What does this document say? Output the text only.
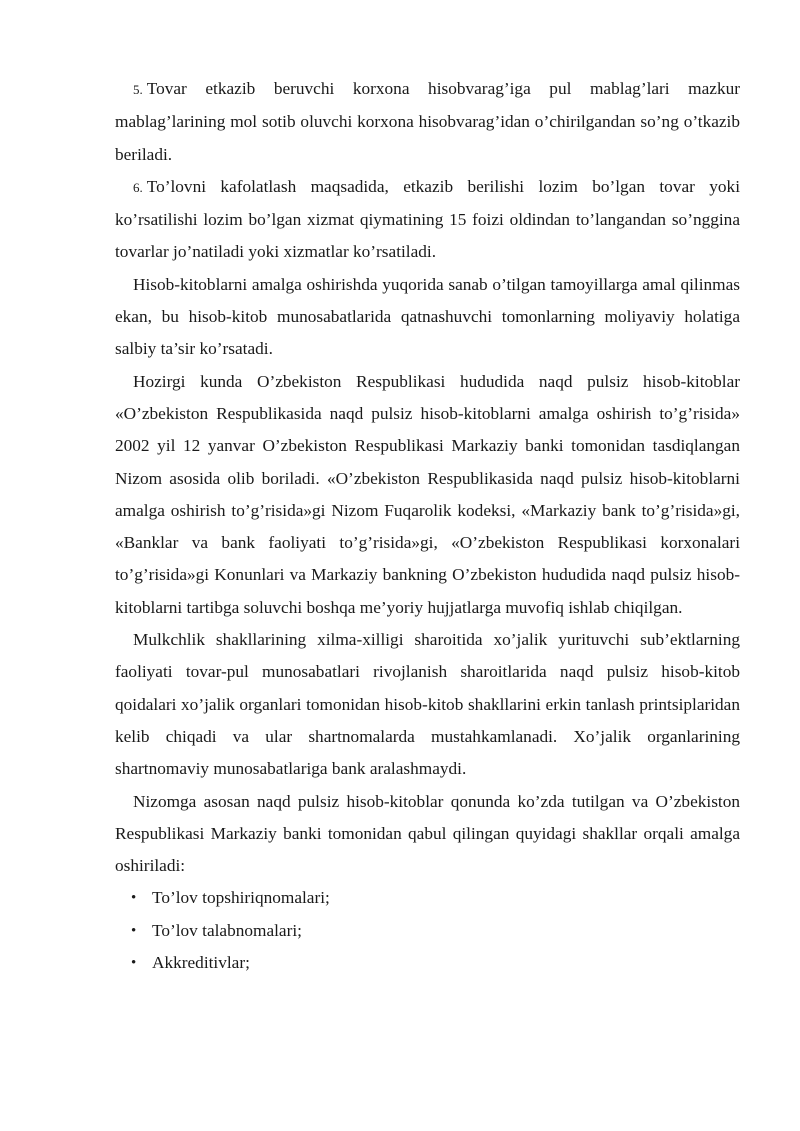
5. Tovar etkazib beruvchi korxona hisobvarag’iga pul mablag’lari mazkur mablag’larining mol sotib oluvchi korxona hisobvarag’idan o’chirilgandan so’ng o’tkazib beriladi.

6. To’lovni kafolatlash maqsadida, etkazib berilishi lozim bo’lgan tovar yoki ko’rsatilishi lozim bo’lgan xizmat qiymatining 15 foizi oldindan to’langandan so’nggina tovarlar jo’natiladi yoki xizmatlar ko’rsatiladi.

Hisob-kitoblarni amalga oshirishda yuqorida sanab o’tilgan tamoyillarga amal qilinmas ekan, bu hisob-kitob munosabatlarida qatnashuvchi tomonlarning moliyaviy holatiga salbiy ta’sir ko’rsatadi.

Hozirgi kunda O’zbekiston Respublikasi hududida naqd pulsiz hisob-kitoblar «O’zbekiston Respublikasida naqd pulsiz hisob-kitoblarni amalga oshirish to’g’risida» 2002 yil 12 yanvar O’zbekiston Respublikasi Markaziy banki tomonidan tasdiqlangan Nizom asosida olib boriladi. «O’zbekiston Respublikasida naqd pulsiz hisob-kitoblarni amalga oshirish to’g’risida»gi Nizom Fuqarolik kodeksi, «Markaziy bank to’g’risida»gi, «Banklar va bank faoliyati to’g’risida»gi, «O’zbekiston Respublikasi korxonalari to’g’risida»gi Konunlari va Markaziy bankning O’zbekiston hududida naqd pulsiz hisob-kitoblarni tartibga soluvchi boshqa me’yoriy hujjatlarga muvofiq ishlab chiqilgan.

Mulkchlik shakllarining xilma-xilligi sharoitida xo’jalik yurituvchi sub’ektlarning faoliyati tovar-pul munosabatlari rivojlanish sharoitlarida naqd pulsiz hisob-kitob qoidalari xo’jalik organlari tomonidan hisob-kitob shakllarini erkin tanlash printsiplaridan kelib chiqadi va ular shartnomalarda mustahkamlanadi. Xo’jalik organlarining shartnomaviy munosabatlariga bank aralashmaydi.

Nizomga asosan naqd pulsiz hisob-kitoblar qonunda ko’zda tutilgan va O’zbekiston Respublikasi Markaziy banki tomonidan qabul qilingan quyidagi shakllar orqali amalga oshiriladi:

• To’lov topshiriqnomalari;
• To’lov talabnomalari;
• Akkreditivlar;
